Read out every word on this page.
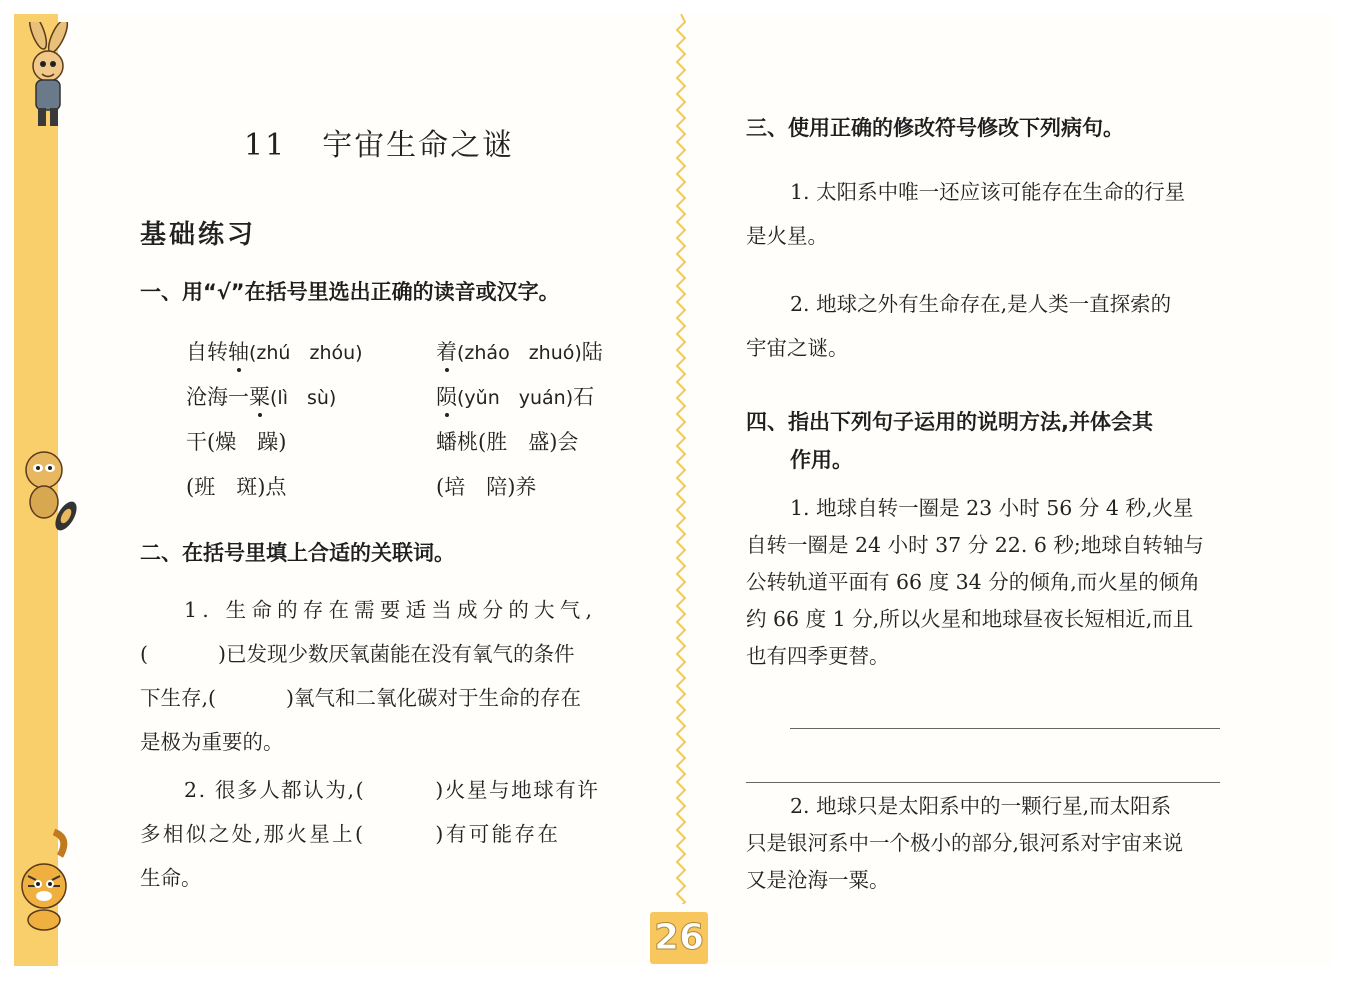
11 宇宙生命之谜
基础练习
一、用“√”在括号里选出正确的读音或汉字。
自转轴(zhú　zhóu)	着(zháo　zhuó)陆
沧海一粟(lì　sù)	陨(yǔn　yuán)石
干(燥　躁)	蟠桃(胜　盛)会
(班　斑)点	(培　陪)养
二、在括号里填上合适的关联词。
1. 生命的存在需要适当成分的大气,
(	)已发现少数厌氧菌能在没有氧气的条件
下生存,(	)氧气和二氧化碳对于生命的存在
是极为重要的。
2. 很多人都认为,(	)火星与地球有许
多相似之处,那火星上(	)有可能存在
生命。
三、使用正确的修改符号修改下列病句。
1. 太阳系中唯一还应该可能存在生命的行星
是火星。
2. 地球之外有生命存在,是人类一直探索的
宇宙之谜。
四、指出下列句子运用的说明方法,并体会其
作用。
1. 地球自转一圈是 23 小时 56 分 4 秒,火星
自转一圈是 24 小时 37 分 22. 6 秒;地球自转轴与
公转轨道平面有 66 度 34 分的倾角,而火星的倾角
约 66 度 1 分,所以火星和地球昼夜长短相近,而且
也有四季更替。
2. 地球只是太阳系中的一颗行星,而太阳系
只是银河系中一个极小的部分,银河系对宇宙来说
又是沧海一粟。
26
